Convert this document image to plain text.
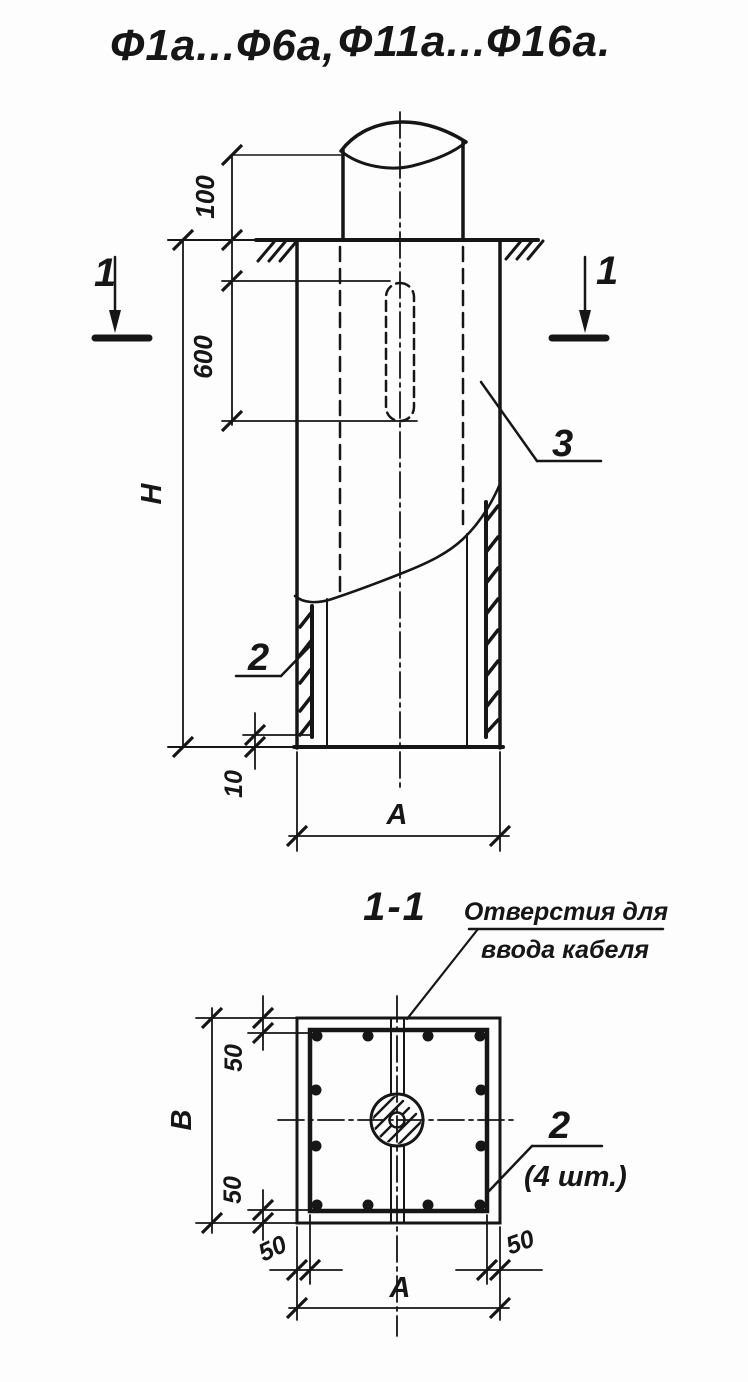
Ф1а...Ф6а, Ф11а...Ф16а.
100
600
Н
10
А
1	1
3
2
1-1 Отверстия для
ввода кабеля
В
50
50
50	50
А
2
(4 шт.)
